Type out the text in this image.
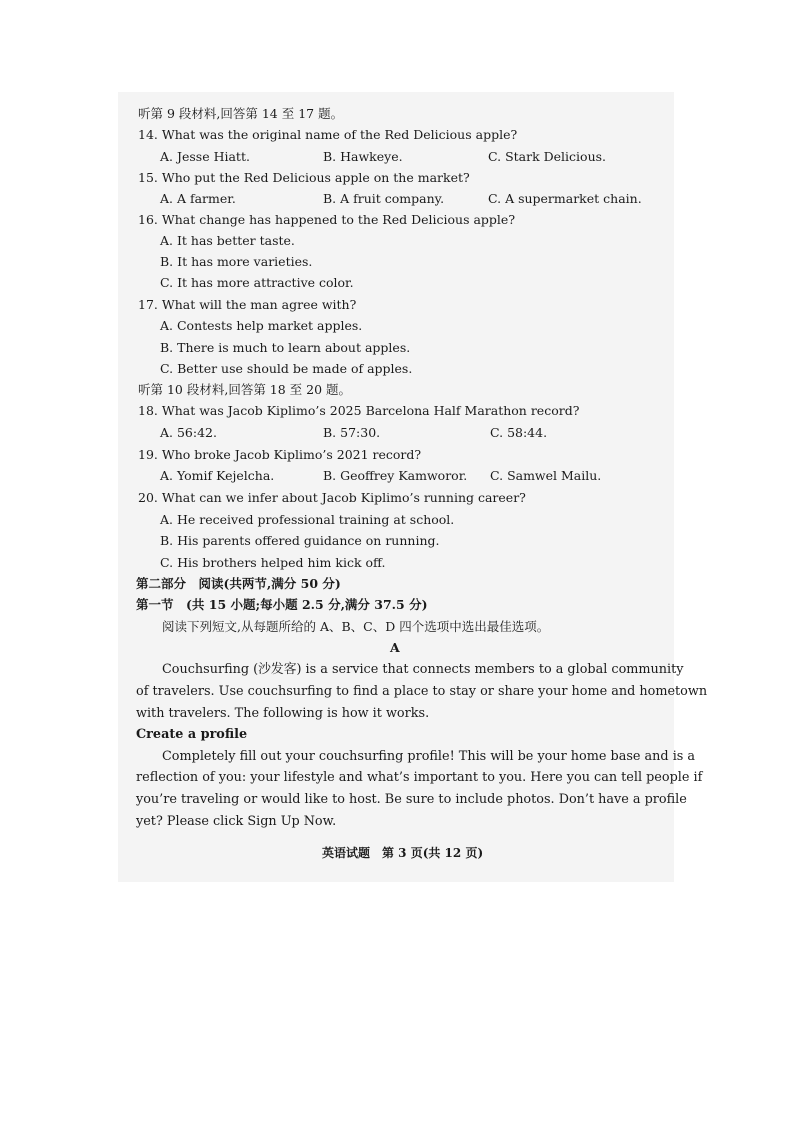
听第 9 段材料,回答第 14 至 17 题。
14. What was the original name of the Red Delicious apple?
A. Jesse Hiatt.	B. Hawkeye.	C. Stark Delicious.
15. Who put the Red Delicious apple on the market?
A. A farmer.	B. A fruit company.	C. A supermarket chain.
16. What change has happened to the Red Delicious apple?
A. It has better taste.
B. It has more varieties.
C. It has more attractive color.
17. What will the man agree with?
A. Contests help market apples.
B. There is much to learn about apples.
C. Better use should be made of apples.
听第 10 段材料,回答第 18 至 20 题。
18. What was Jacob Kiplimo’s 2025 Barcelona Half Marathon record?
A. 56:42.	B. 57:30.	C. 58:44.
19. Who broke Jacob Kiplimo’s 2021 record?
A. Yomif Kejelcha.	B. Geoffrey Kamworor. C. Samwel Mailu.
20. What can we infer about Jacob Kiplimo’s running career?
A. He received professional training at school.
B. His parents offered guidance on running.
C. His brothers helped him kick off.
第二部分　阅读(共两节,满分 50 分)
第一节　(共 15 小题;每小题 2.5 分,满分 37.5 分)
阅读下列短文,从每题所给的 A、B、C、D 四个选项中选出最佳选项。
A
Couchsurfing (沙发客) is a service that connects members to a global community
of travelers. Use couchsurfing to find a place to stay or share your home and hometown
with travelers. The following is how it works.
Create a profile
Completely fill out your couchsurfing profile! This will be your home base and is a
reflection of you: your lifestyle and what’s important to you. Here you can tell people if
you’re traveling or would like to host. Be sure to include photos. Don’t have a profile
yet? Please click Sign Up Now.
英语试题　第 3 页(共 12 页)
